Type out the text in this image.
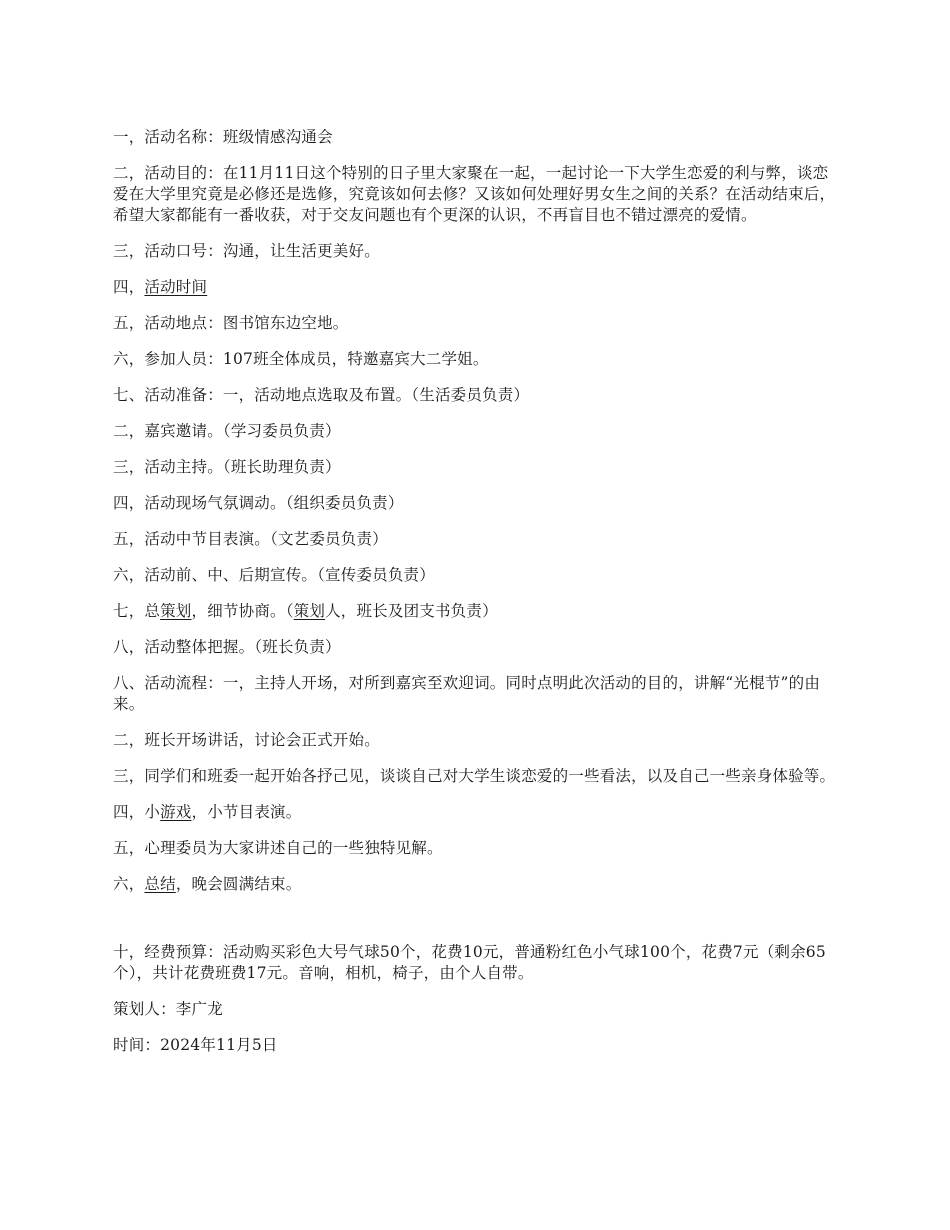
一，活动名称：班级情感沟通会

二，活动目的：在11月11日这个特别的日子里大家聚在一起，一起讨论一下大学生恋爱的利与弊，谈恋爱在大学里究竟是必修还是选修，究竟该如何去修？又该如何处理好男女生之间的关系？在活动结束后，希望大家都能有一番收获，对于交友问题也有个更深的认识，不再盲目也不错过漂亮的爱情。

三，活动口号：沟通，让生活更美好。

四，活动时间

五，活动地点：图书馆东边空地。

六，参加人员：107班全体成员，特邀嘉宾大二学姐。

七、活动准备：一，活动地点选取及布置。（生活委员负责）

二，嘉宾邀请。（学习委员负责）

三，活动主持。（班长助理负责）

四，活动现场气氛调动。（组织委员负责）

五，活动中节目表演。（文艺委员负责）

六，活动前、中、后期宣传。（宣传委员负责）

七，总策划，细节协商。（策划人，班长及团支书负责）

八，活动整体把握。（班长负责）

八、活动流程：一，主持人开场，对所到嘉宾至欢迎词。同时点明此次活动的目的，讲解“光棍节”的由来。

二，班长开场讲话，讨论会正式开始。

三，同学们和班委一起开始各抒己见，谈谈自己对大学生谈恋爱的一些看法，以及自己一些亲身体验等。

四，小游戏，小节目表演。

五，心理委员为大家讲述自己的一些独特见解。

六，总结，晚会圆满结束。

十，经费预算：活动购买彩色大号气球50个，花费10元，普通粉红色小气球100个，花费7元（剩余65个），共计花费班费17元。音响，相机，椅子，由个人自带。

策划人：李广龙

时间：2024年11月5日
